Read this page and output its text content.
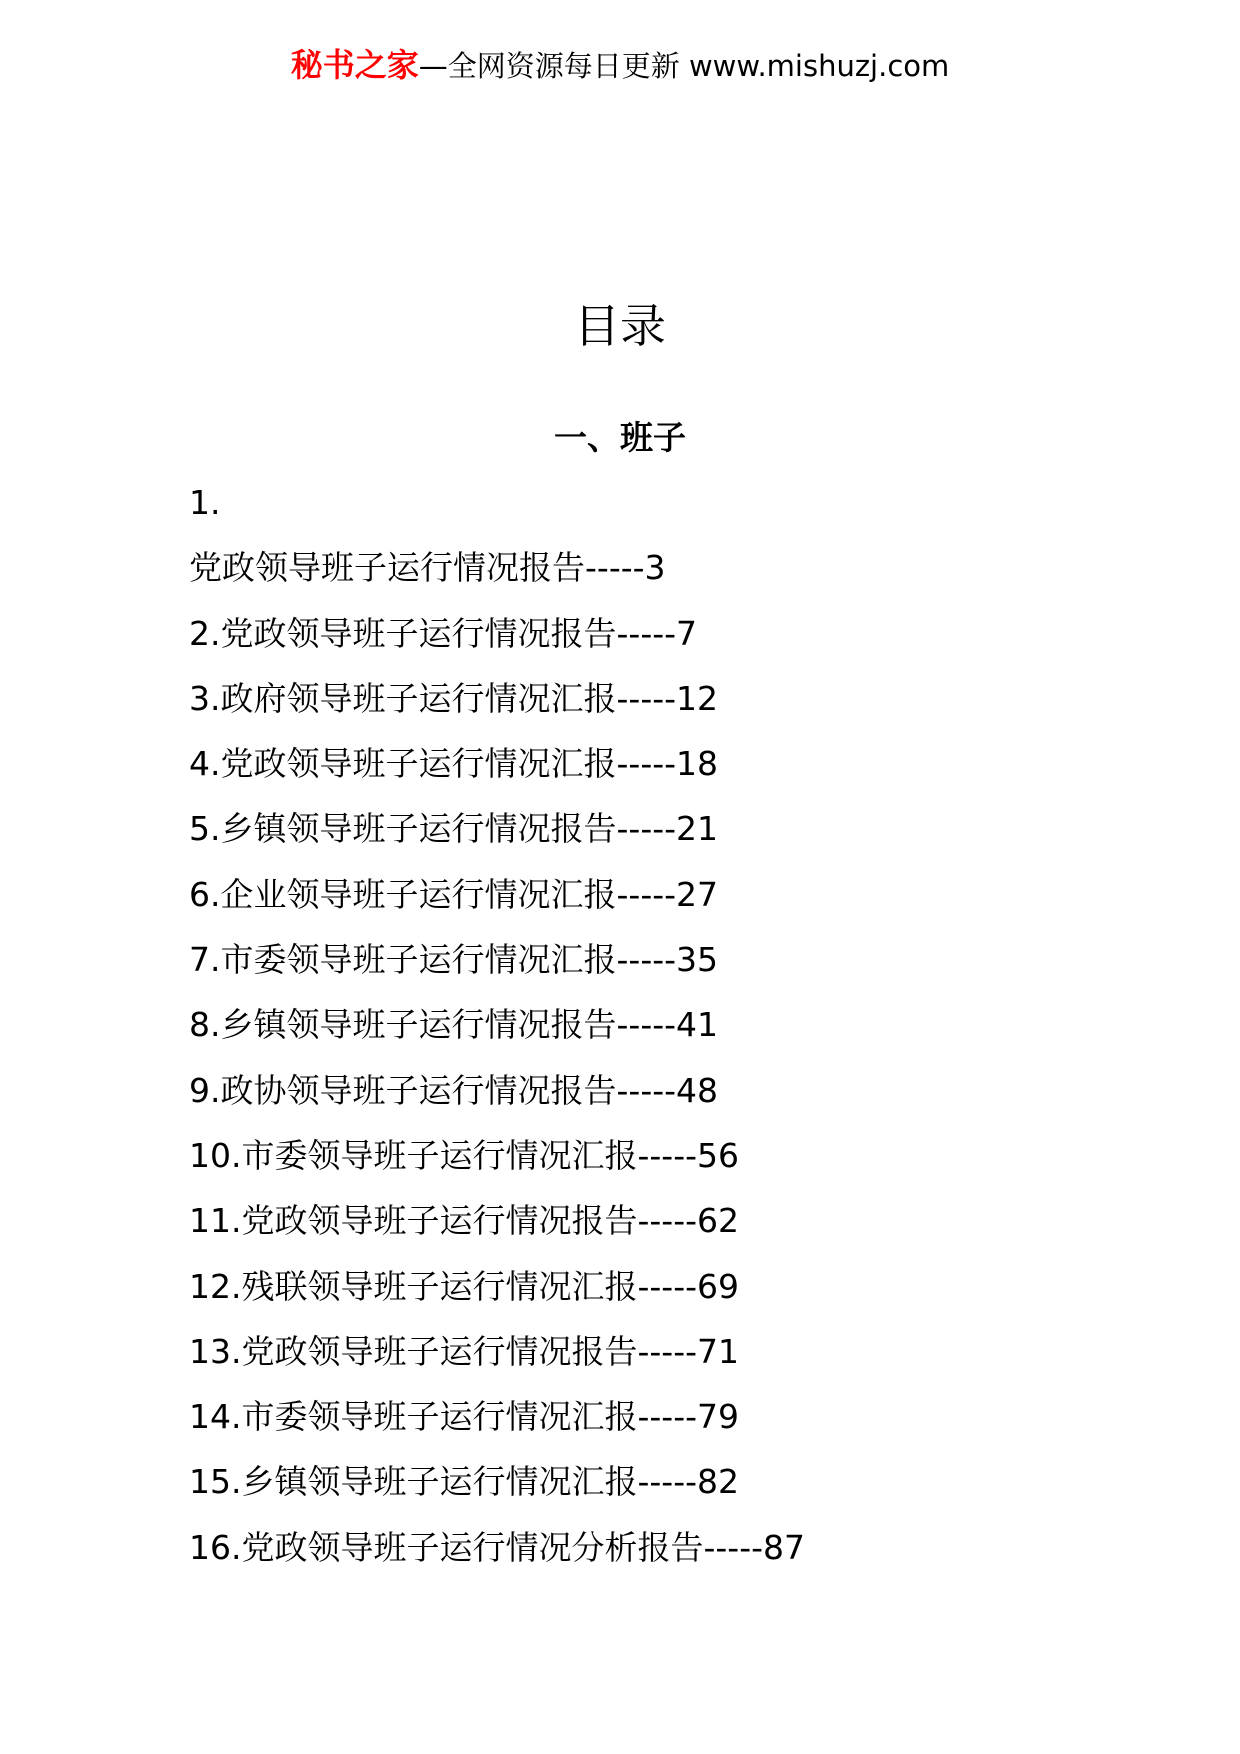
秘书之家—全网资源每日更新 www.mishuzj.com
目录
一、班子
1.
党政领导班子运行情况报告-----3
2.党政领导班子运行情况报告-----7
3.政府领导班子运行情况汇报-----12
4.党政领导班子运行情况汇报-----18
5.乡镇领导班子运行情况报告-----21
6.企业领导班子运行情况汇报-----27
7.市委领导班子运行情况汇报-----35
8.乡镇领导班子运行情况报告-----41
9.政协领导班子运行情况报告-----48
10.市委领导班子运行情况汇报-----56
11.党政领导班子运行情况报告-----62
12.残联领导班子运行情况汇报-----69
13.党政领导班子运行情况报告-----71
14.市委领导班子运行情况汇报-----79
15.乡镇领导班子运行情况汇报-----82
16.党政领导班子运行情况分析报告-----87
